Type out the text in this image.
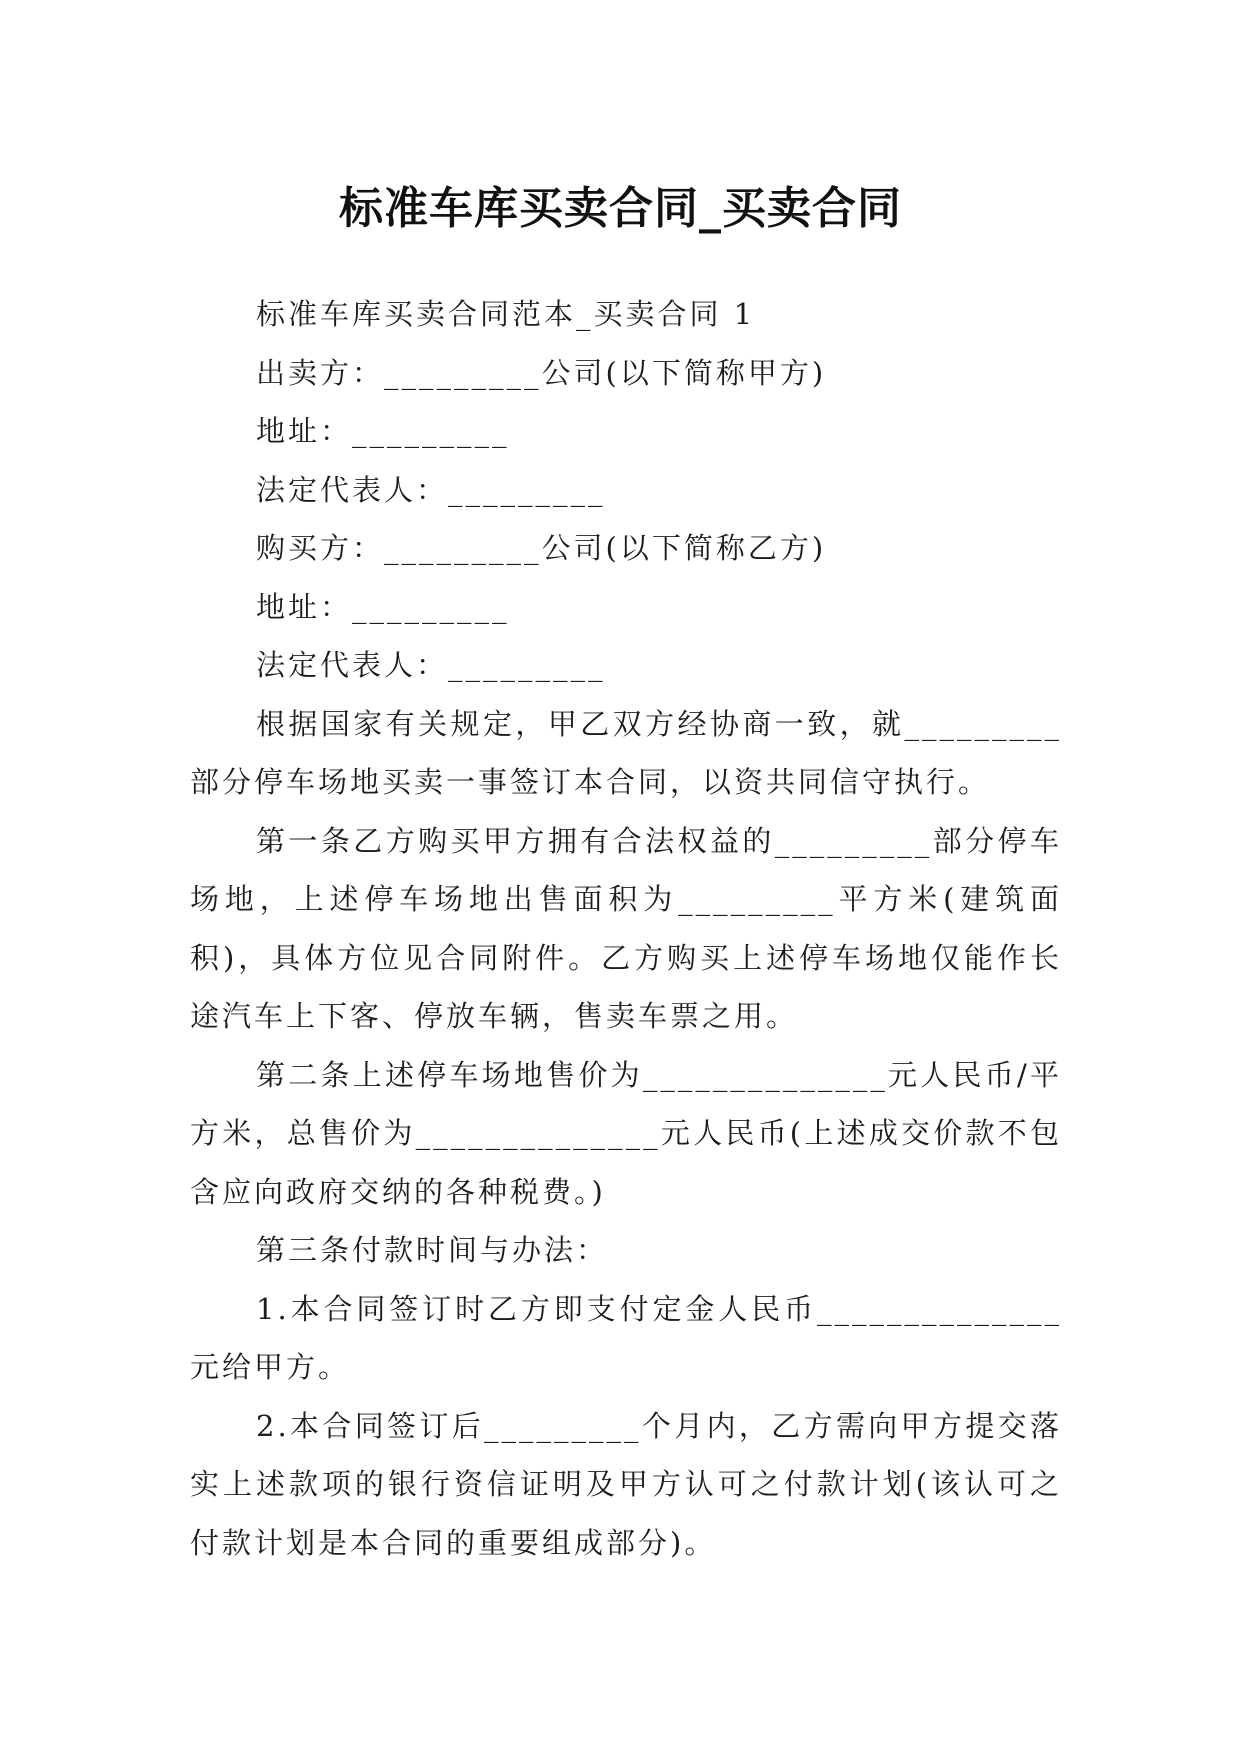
标准车库买卖合同_买卖合同

标准车库买卖合同范本_买卖合同 1

出卖方：_________公司(以下简称甲方)

地址：_________

法定代表人：_________

购买方：_________公司(以下简称乙方)

地址：_________

法定代表人：_________

根据国家有关规定，甲乙双方经协商一致，就_________部分停车场地买卖一事签订本合同，以资共同信守执行。

第一条乙方购买甲方拥有合法权益的_________部分停车场地，上述停车场地出售面积为_________平方米(建筑面积)，具体方位见合同附件。乙方购买上述停车场地仅能作长途汽车上下客、停放车辆，售卖车票之用。

第二条上述停车场地售价为______________元人民币/平方米，总售价为______________元人民币(上述成交价款不包含应向政府交纳的各种税费。)

第三条付款时间与办法：

1.本合同签订时乙方即支付定金人民币______________元给甲方。

2.本合同签订后_________个月内，乙方需向甲方提交落实上述款项的银行资信证明及甲方认可之付款计划(该认可之付款计划是本合同的重要组成部分)。
